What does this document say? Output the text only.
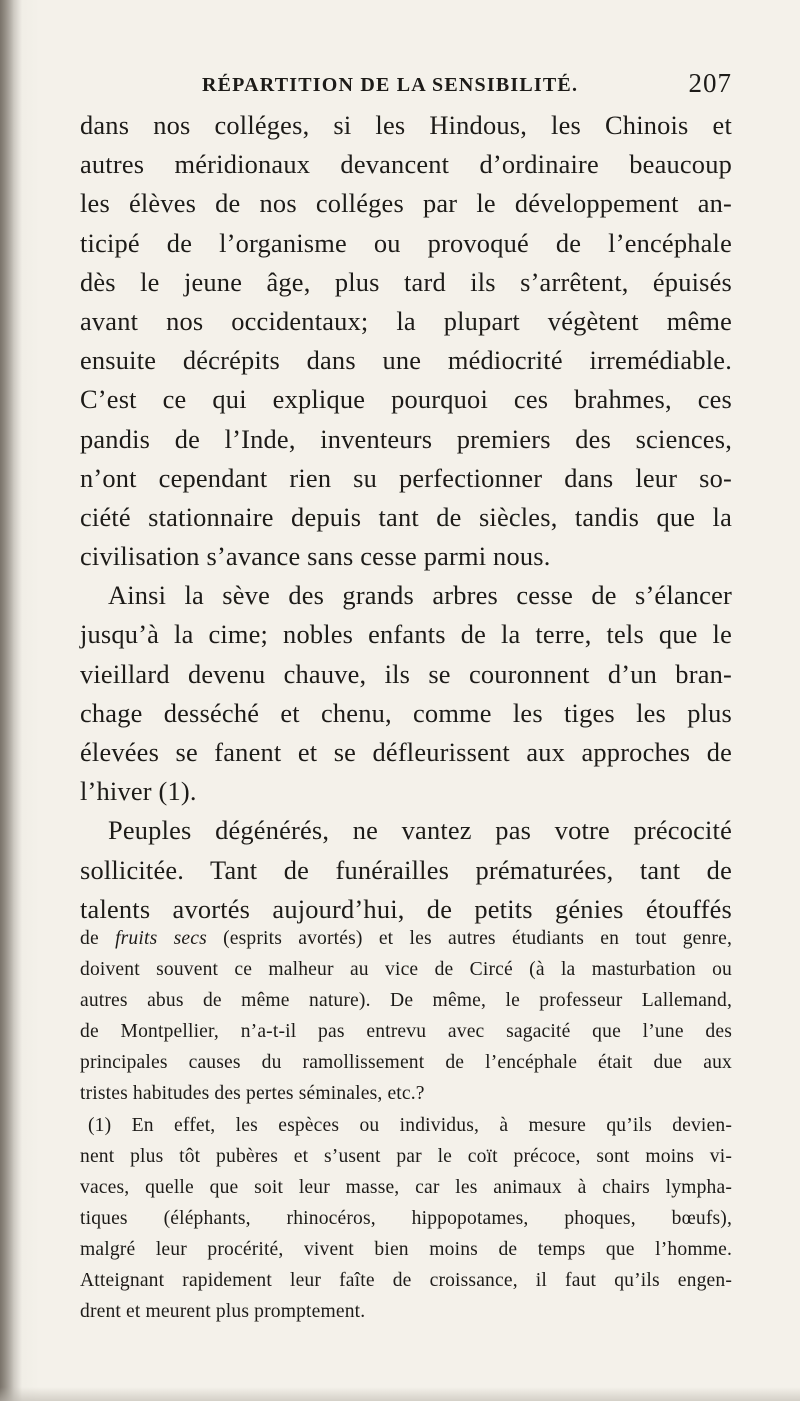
RÉPARTITION DE LA SENSIBILITÉ.	207
dans nos colléges, si les Hindous, les Chinois et
autres méridionaux devancent d’ordinaire beaucoup
les élèves de nos colléges par le développement an-
ticipé de l’organisme ou provoqué de l’encéphale
dès le jeune âge, plus tard ils s’arrêtent, épuisés
avant nos occidentaux; la plupart végètent même
ensuite décrépits dans une médiocrité irremédiable.
C’est ce qui explique pourquoi ces brahmes, ces
pandis de l’Inde, inventeurs premiers des sciences,
n’ont cependant rien su perfectionner dans leur so-
ciété stationnaire depuis tant de siècles, tandis que la
civilisation s’avance sans cesse parmi nous.
Ainsi la sève des grands arbres cesse de s’élancer
jusqu’à la cime; nobles enfants de la terre, tels que le
vieillard devenu chauve, ils se couronnent d’un bran-
chage desséché et chenu, comme les tiges les plus
élevées se fanent et se défleurissent aux approches de
l’hiver (1).
Peuples dégénérés, ne vantez pas votre précocité
sollicitée. Tant de funérailles prématurées, tant de
talents avortés aujourd’hui, de petits génies étouffés
de fruits secs (esprits avortés) et les autres étudiants en tout genre,
doivent souvent ce malheur au vice de Circé (à la masturbation ou
autres abus de même nature). De même, le professeur Lallemand,
de Montpellier, n’a-t-il pas entrevu avec sagacité que l’une des
principales causes du ramollissement de l’encéphale était due aux
tristes habitudes des pertes séminales, etc.?
(1) En effet, les espèces ou individus, à mesure qu’ils devien-
nent plus tôt pubères et s’usent par le coït précoce, sont moins vi-
vaces, quelle que soit leur masse, car les animaux à chairs lympha-
tiques (éléphants, rhinocéros, hippopotames, phoques, bœufs),
malgré leur procérité, vivent bien moins de temps que l’homme.
Atteignant rapidement leur faîte de croissance, il faut qu’ils engen-
drent et meurent plus promptement.
